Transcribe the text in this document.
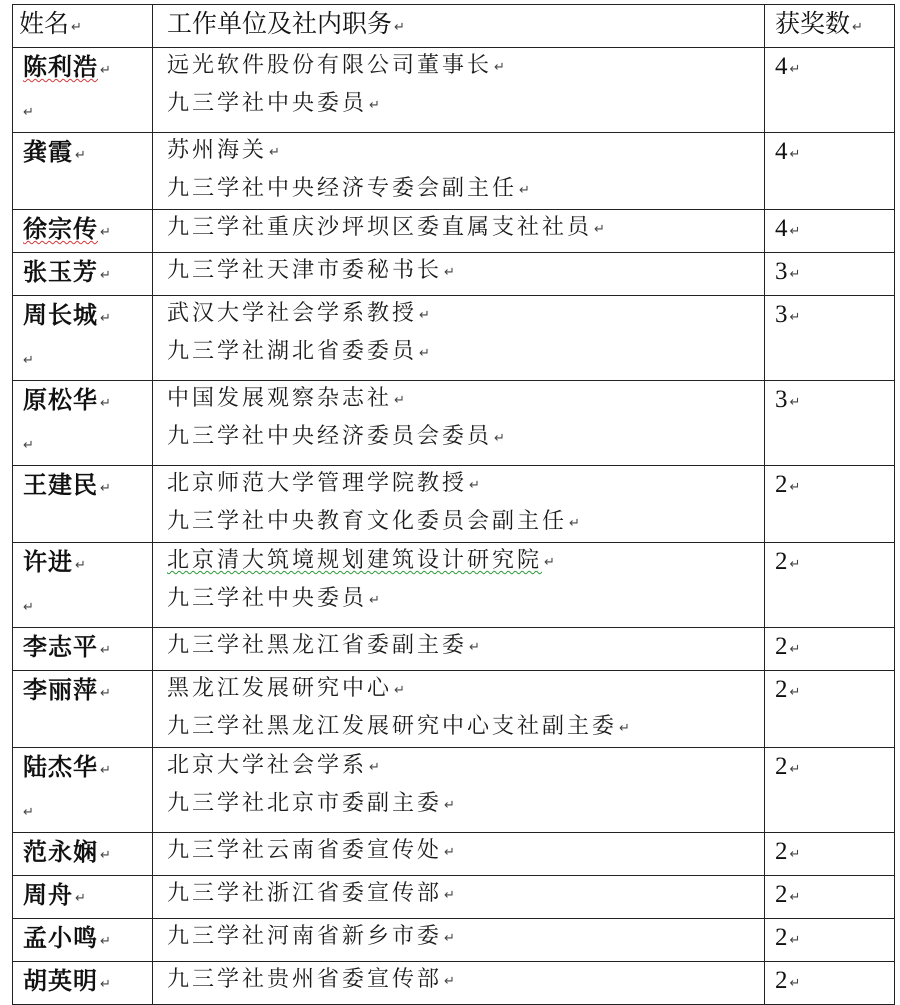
姓名 ↵	工作单位及社内职务 ↵	获奖数 ↵

陈利浩 ↵
↵	远光软件股份有限公司董事长 ↵
九三学社中央委员 ↵	4 ↵

龚霞 ↵	苏州海关 ↵
九三学社中央经济专委会副主任 ↵	4 ↵

徐宗传 ↵	九三学社重庆沙坪坝区委直属支社社员 ↵	4 ↵

张玉芳 ↵	九三学社天津市委秘书长 ↵	3 ↵

周长城 ↵
↵	武汉大学社会学系教授 ↵
九三学社湖北省委委员 ↵	3 ↵

原松华 ↵
↵	中国发展观察杂志社 ↵
九三学社中央经济委员会委员 ↵	3 ↵

王建民 ↵	北京师范大学管理学院教授 ↵
九三学社中央教育文化委员会副主任 ↵	2 ↵

许进 ↵
↵	北京清大筑境规划建筑设计研究院 ↵
九三学社中央委员 ↵	2 ↵

李志平 ↵	九三学社黑龙江省委副主委 ↵	2 ↵

李丽萍 ↵	黑龙江发展研究中心 ↵
九三学社黑龙江发展研究中心支社副主委 ↵	2 ↵

陆杰华 ↵
↵	北京大学社会学系 ↵
九三学社北京市委副主委 ↵	2 ↵

范永娴 ↵	九三学社云南省委宣传处 ↵	2 ↵

周舟 ↵	九三学社浙江省委宣传部 ↵	2 ↵

孟小鸣 ↵	九三学社河南省新乡市委 ↵	2 ↵

胡英明 ↵	九三学社贵州省委宣传部 ↵	2 ↵
